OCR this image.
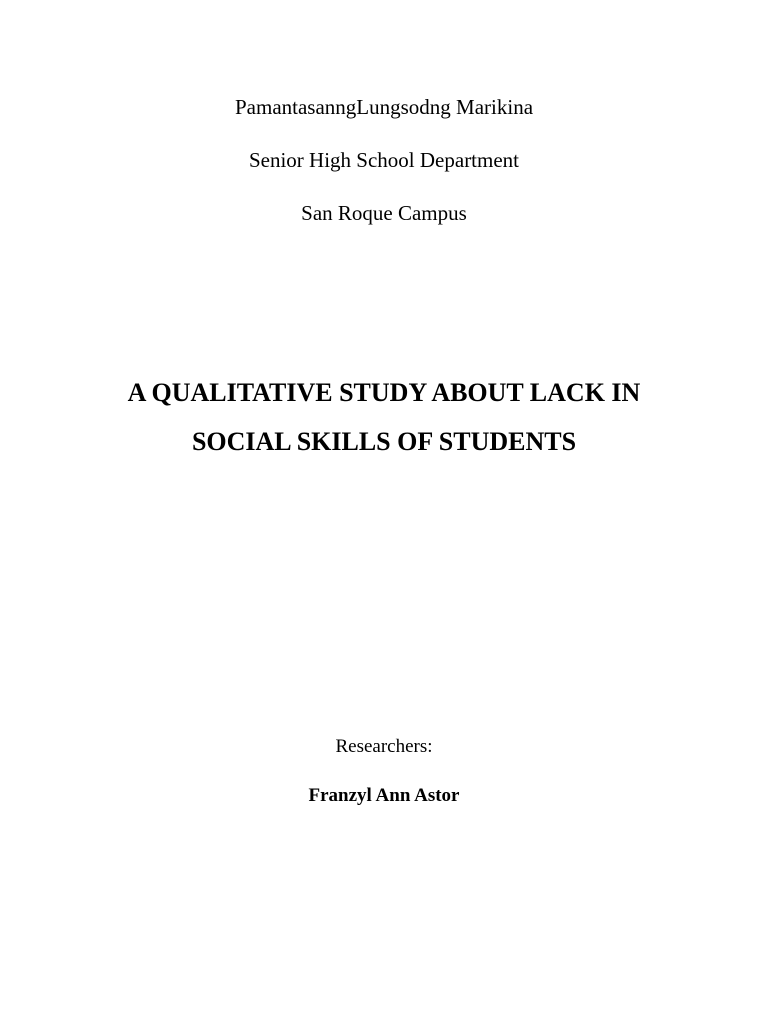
PamantasanngLungsodng Marikina
Senior High School Department
San Roque Campus
A QUALITATIVE STUDY ABOUT LACK IN
SOCIAL SKILLS OF STUDENTS
Researchers:
Franzyl Ann Astor
